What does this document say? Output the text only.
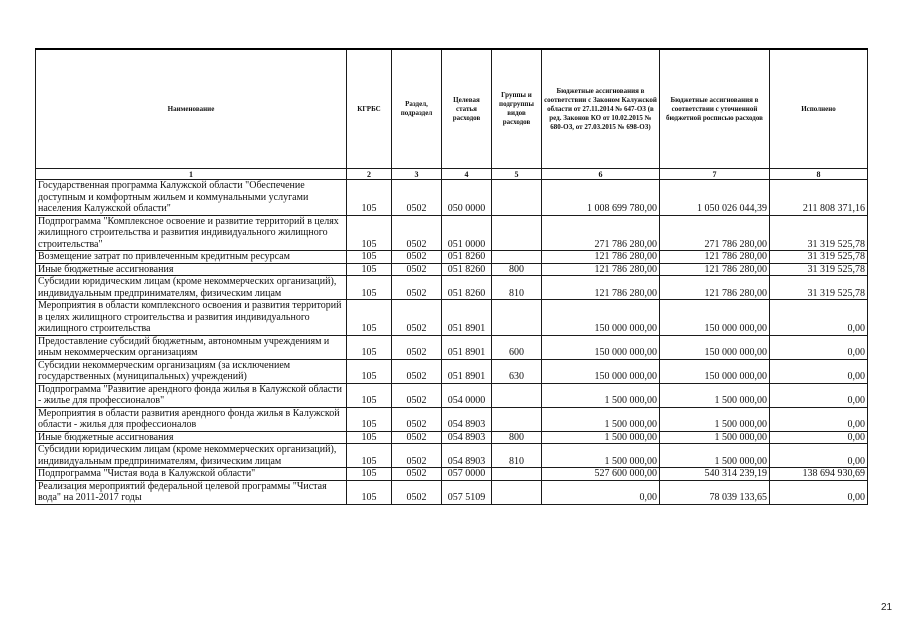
Наименование	КГРБС	Раздел, подраздел	Целевая статья расходов	Группы и подгруппы видов расходов	Бюджетные ассигнования в соответствии с Законом Калужской области от 27.11.2014 № 647-ОЗ (в ред. Законов КО от 10.02.2015 № 680-ОЗ, от 27.03.2015 № 698-ОЗ)	Бюджетные ассигнования в соответствии с уточненной бюджетной росписью расходов	Исполнено
1	2	3	4	5	6	7	8
Государственная программа Калужской области "Обеспечение доступным и комфортным жильем и коммунальными услугами населения Калужской области"	105	0502	050 0000		1 008 699 780,00	1 050 026 044,39	211 808 371,16
Подпрограмма "Комплексное освоение и развитие территорий в целях жилищного строительства и развития индивидуального жилищного строительства"	105	0502	051 0000		271 786 280,00	271 786 280,00	31 319 525,78
Возмещение затрат по привлеченным кредитным ресурсам	105	0502	051 8260		121 786 280,00	121 786 280,00	31 319 525,78
Иные бюджетные ассигнования	105	0502	051 8260	800	121 786 280,00	121 786 280,00	31 319 525,78
Субсидии юридическим лицам (кроме некоммерческих организаций), индивидуальным предпринимателям, физическим лицам	105	0502	051 8260	810	121 786 280,00	121 786 280,00	31 319 525,78
Мероприятия в области комплексного освоения и развития территорий в целях жилищного строительства и развития индивидуального жилищного строительства	105	0502	051 8901		150 000 000,00	150 000 000,00	0,00
Предоставление субсидий бюджетным, автономным учреждениям и иным некоммерческим организациям	105	0502	051 8901	600	150 000 000,00	150 000 000,00	0,00
Субсидии некоммерческим организациям (за исключением государственных (муниципальных) учреждений)	105	0502	051 8901	630	150 000 000,00	150 000 000,00	0,00
Подпрограмма "Развитие арендного фонда жилья в Калужской области - жилье для профессионалов"	105	0502	054 0000		1 500 000,00	1 500 000,00	0,00
Мероприятия в области развития арендного фонда жилья в Калужской области - жилья для профессионалов	105	0502	054 8903		1 500 000,00	1 500 000,00	0,00
Иные бюджетные ассигнования	105	0502	054 8903	800	1 500 000,00	1 500 000,00	0,00
Субсидии юридическим лицам (кроме некоммерческих организаций), индивидуальным предпринимателям, физическим лицам	105	0502	054 8903	810	1 500 000,00	1 500 000,00	0,00
Подпрограмма "Чистая вода в Калужской области"	105	0502	057 0000		527 600 000,00	540 314 239,19	138 694 930,69
Реализация мероприятий федеральной целевой программы "Чистая вода" на 2011-2017 годы	105	0502	057 5109		0,00	78 039 133,65	0,00
21
